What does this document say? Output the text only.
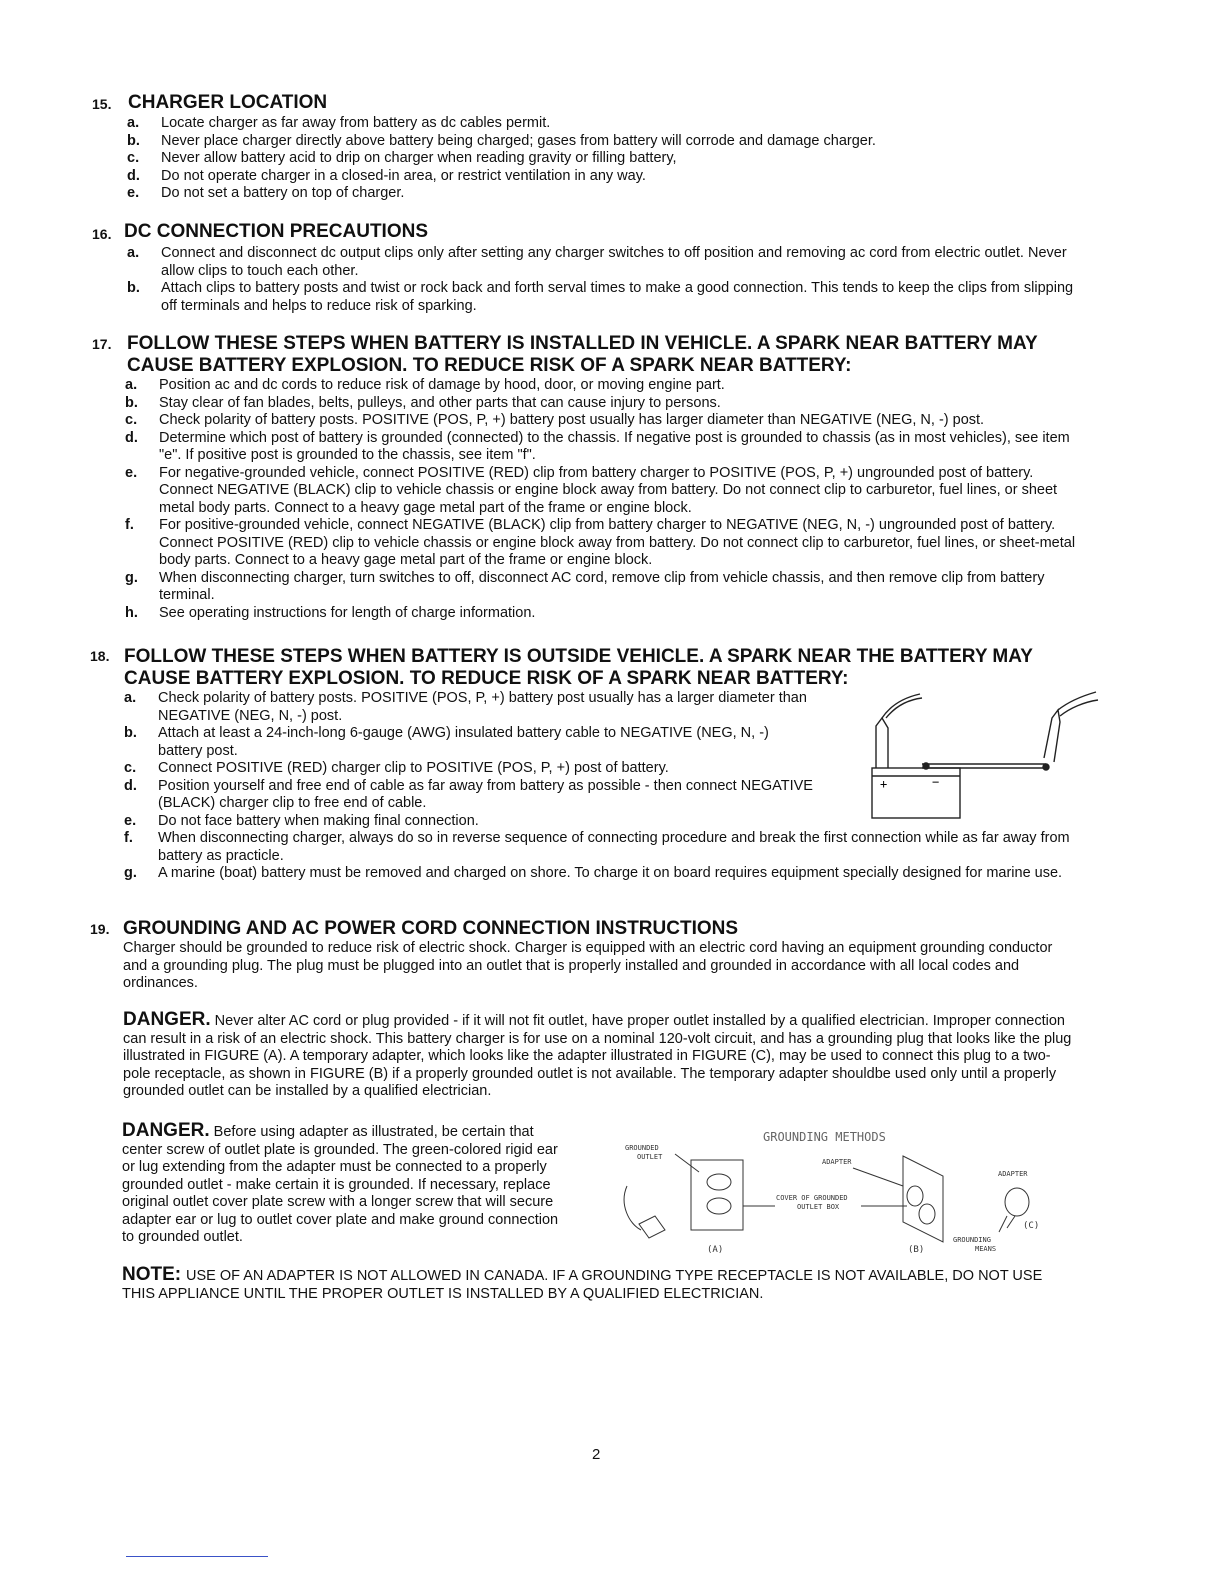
15. CHARGER LOCATION
a. Locate charger as far away from battery as dc cables permit.
b. Never place charger directly above battery being charged; gases from battery will corrode and damage charger.
c. Never allow battery acid to drip on charger when reading gravity or filling battery,
d. Do not operate charger in a closed-in area, or restrict ventilation in any way.
e. Do not set a battery on top of charger.
16. DC CONNECTION PRECAUTIONS
a. Connect and disconnect dc output clips only after setting any charger switches to off position and removing ac cord from electric outlet. Never allow clips to touch each other.
b. Attach clips to battery posts and twist or rock back and forth serval times to make a good connection. This tends to keep the clips from slipping off terminals and helps to reduce risk of sparking.
17. FOLLOW THESE STEPS WHEN BATTERY IS INSTALLED IN VEHICLE. A SPARK NEAR BATTERY MAY
CAUSE BATTERY EXPLOSION. TO REDUCE RISK OF A SPARK NEAR BATTERY:
a. Position ac and dc cords to reduce risk of damage by hood, door, or moving engine part.
b. Stay clear of fan blades, belts, pulleys, and other parts that can cause injury to persons.
c. Check polarity of battery posts. POSITIVE (POS, P, +) battery post usually has larger diameter than NEGATIVE (NEG, N, -) post.
d. Determine which post of battery is grounded (connected) to the chassis. If negative post is grounded to chassis (as in most vehicles), see item "e". If positive post is grounded to the chassis, see item "f".
e. For negative-grounded vehicle, connect POSITIVE (RED) clip from battery charger to POSITIVE (POS, P, +) ungrounded post of battery. Connect NEGATIVE (BLACK) clip to vehicle chassis or engine block away from battery. Do not connect clip to carburetor, fuel lines, or sheet metal body parts. Connect to a heavy gage metal part of the frame or engine block.
f. For positive-grounded vehicle, connect NEGATIVE (BLACK) clip from battery charger to NEGATIVE (NEG, N, -) ungrounded post of battery. Connect POSITIVE (RED) clip to vehicle chassis or engine block away from battery. Do not connect clip to carburetor, fuel lines, or sheet-metal body parts. Connect to a heavy gage metal part of the frame or engine block.
g. When disconnecting charger, turn switches to off, disconnect AC cord, remove clip from vehicle chassis, and then remove clip from battery terminal.
h. See operating instructions for length of charge information.
18. FOLLOW THESE STEPS WHEN BATTERY IS OUTSIDE VEHICLE. A SPARK NEAR THE BATTERY MAY
CAUSE BATTERY EXPLOSION. TO REDUCE RISK OF A SPARK NEAR BATTERY:
a. Check polarity of battery posts. POSITIVE (POS, P, +) battery post usually has a larger diameter than NEGATIVE (NEG, N, -) post.
b. Attach at least a 24-inch-long 6-gauge (AWG) insulated battery cable to NEGATIVE (NEG, N, -) battery post.
c. Connect POSITIVE (RED) charger clip to POSITIVE (POS, P, +) post of battery.
d. Position yourself and free end of cable as far away from battery as possible - then connect NEGATIVE (BLACK) charger clip to free end of cable.
e. Do not face battery when making final connection.
f. When disconnecting charger, always do so in reverse sequence of connecting procedure and break the first connection while as far away from battery as practicle.
g. A marine (boat) battery must be removed and charged on shore. To charge it on board requires equipment specially designed for marine use.
+	−
19. GROUNDING AND AC POWER CORD CONNECTION INSTRUCTIONS
Charger should be grounded to reduce risk of electric shock. Charger is equipped with an electric cord having an equipment grounding conductor and a grounding plug. The plug must be plugged into an outlet that is properly installed and grounded in accordance with all local codes and ordinances.
DANGER. Never alter AC cord or plug provided - if it will not fit outlet, have proper outlet installed by a qualified electrician. Improper connection can result in a risk of an electric shock. This battery charger is for use on a nominal 120-volt circuit, and has a grounding plug that looks like the plug illustrated in FIGURE (A). A temporary adapter, which looks like the adapter illustrated in FIGURE (C), may be used to connect this plug to a two-pole receptacle, as shown in FIGURE (B) if a properly grounded outlet is not available. The temporary adapter shouldbe used only until a properly grounded outlet can be installed by a qualified electrician.
DANGER. Before using adapter as illustrated, be certain that center screw of outlet plate is grounded. The green-colored rigid ear or lug extending from the adapter must be connected to a properly grounded outlet - make certain it is grounded. If necessary, replace original outlet cover plate screw with a longer screw that will secure adapter ear or lug to outlet cover plate and make ground connection to grounded outlet.
GROUNDING METHODS
GROUNDED
OUTLET
ADAPTER
ADAPTER
COVER OF GROUNDED
OUTLET BOX
GROUNDING
MEANS
(A)	(B)
(C)
NOTE: USE OF AN ADAPTER IS NOT ALLOWED IN CANADA. IF A GROUNDING TYPE RECEPTACLE IS NOT AVAILABLE, DO NOT USE THIS APPLIANCE UNTIL THE PROPER OUTLET IS INSTALLED BY A QUALIFIED ELECTRICIAN.
2
